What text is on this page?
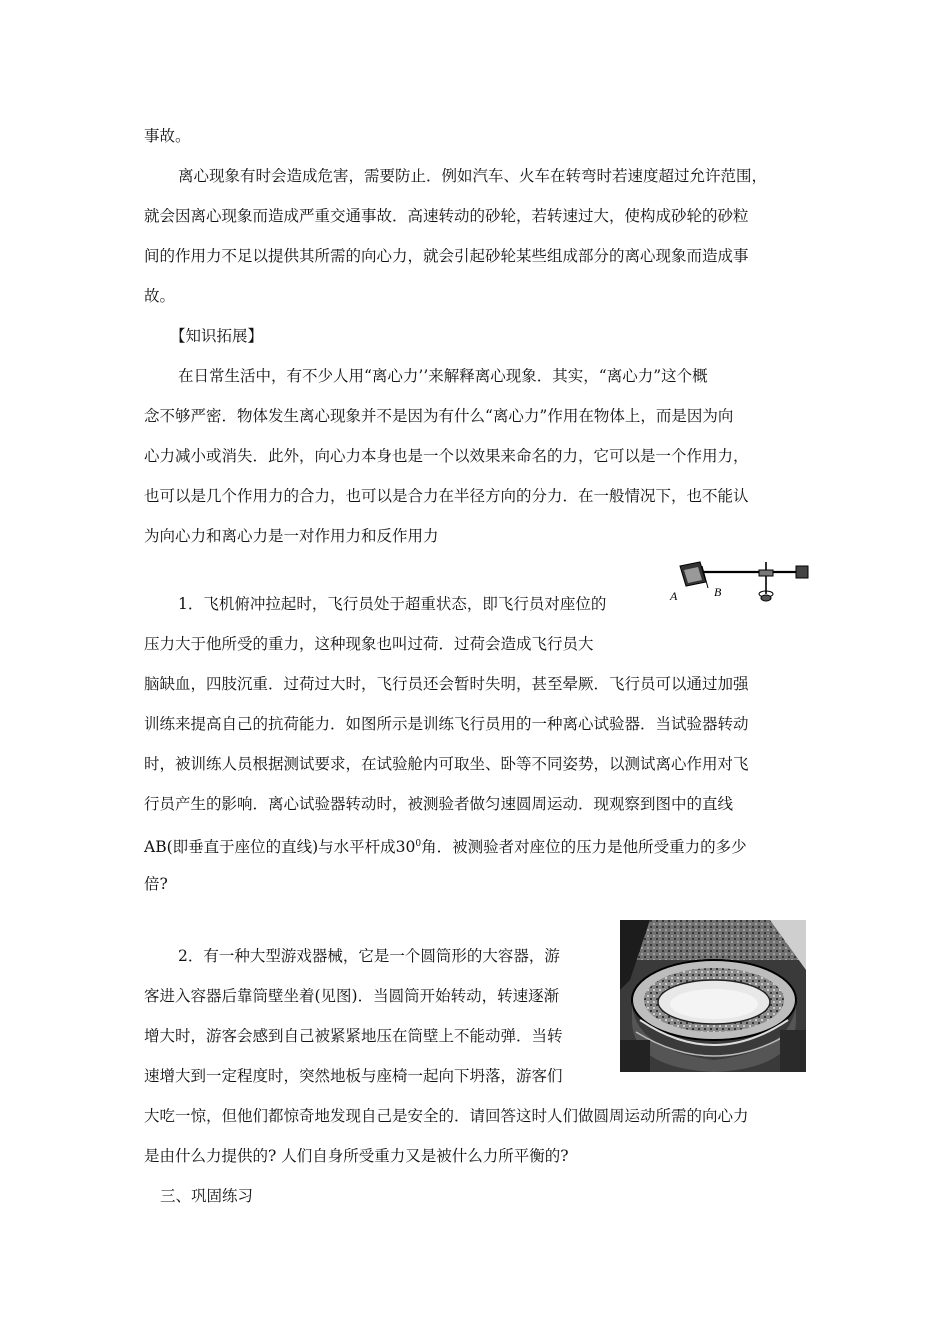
事故。
离心现象有时会造成危害，需要防止．例如汽车、火车在转弯时若速度超过允许范围，
就会因离心现象而造成严重交通事故．高速转动的砂轮，若转速过大，使构成砂轮的砂粒
间的作用力不足以提供其所需的向心力，就会引起砂轮某些组成部分的离心现象而造成事
故。
【知识拓展】
在日常生活中，有不少人用“离心力’’来解释离心现象．其实，“离心力”这个概
念不够严密．物体发生离心现象并不是因为有什么“离心力”作用在物体上，而是因为向
心力减小或消失．此外，向心力本身也是一个以效果来命名的力，它可以是一个作用力，
也可以是几个作用力的合力，也可以是合力在半径方向的分力．在一般情况下，也不能认
为向心力和离心力是一对作用力和反作用力
A	B
1．飞机俯冲拉起时，飞行员处于超重状态，即飞行员对座位的
压力大于他所受的重力，这种现象也叫过荷．过荷会造成飞行员大
脑缺血，四肢沉重．过荷过大时，飞行员还会暂时失明，甚至晕厥．飞行员可以通过加强
训练来提高自己的抗荷能力．如图所示是训练飞行员用的一种离心试验器．当试验器转动
时，被训练人员根据测试要求，在试验舱内可取坐、卧等不同姿势，以测试离心作用对飞
行员产生的影响．离心试验器转动时，被测验者做匀速圆周运动．现观察到图中的直线
AB(即垂直于座位的直线)与水平杆成$30^0$角．被测验者对座位的压力是他所受重力的多少
倍?
2．有一种大型游戏器械，它是一个圆筒形的大容器，游
客进入容器后靠筒壁坐着(见图)．当圆筒开始转动，转速逐渐
增大时，游客会感到自己被紧紧地压在筒壁上不能动弹．当转
速增大到一定程度时，突然地板与座椅一起向下坍落，游客们
大吃一惊，但他们都惊奇地发现自己是安全的．请回答这时人们做圆周运动所需的向心力
是由什么力提供的? 人们自身所受重力又是被什么力所平衡的?
三、巩固练习
